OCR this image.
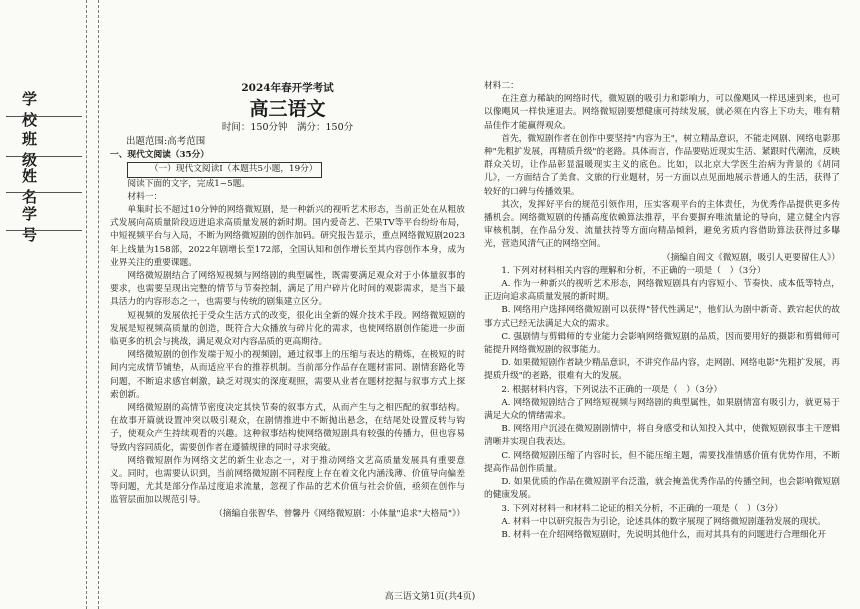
学 校
班 级
姓 名
学 号
2024年春开学考试
高三语文
时间：150分钟　满分：150分
出题范围:高考范围
一、现代文阅读（35分）
（一）现代文阅读Ⅰ（本题共5小题，19分）
阅读下面的文字，完成1~5题。
材料一：
单集时长不超过10分钟的网络微短剧，是一种新兴的视听艺术形态，当前正处在从粗放式发展向高质量阶段迈进追求高质量发展的新时期。国内爱奇艺、芒果TV等平台纷纷布局，中短视频平台与入局，不断为网络微短剧的创作加码。研究报告显示，重点网络微短剧2023年上线量为158部，2022年剧增长至172部，全国认知和创作增长至其内容创作本身，成为业界关注的重要课题。
网络微短剧结合了网络短视频与网络剧的典型属性，既需要满足观众对于小体量叙事的要求，也需要呈现出完整的情节与节奏控制，满足了用户碎片化时间的观影需求，是当下最具活力的内容形态之一，也需要与传统的剧集建立区分。
短视频的发展依托于受众生活方式的改变，很化出全新的媒介技术手段。网络微短剧的发展是短视频高质量的创造，既符合大众播放与碎片化的需求，也使网络剧创作能进一步面临更多的机会与挑战，满足观众对内容品质的更高期待。
网络微短剧的创作发端于短小的视频剧，通过叙事上的压缩与表达的精炼，在极短的时间内完成情节铺垫，从而适应平台的推荐机制。当前部分作品存在题材雷同、剧情套路化等问题，不断追求感官刺激，缺乏对现实的深度观照，需要从业者在题材挖掘与叙事方式上探索创新。
网络微短剧的高情节密度决定其快节奏的叙事方式，从而产生与之相匹配的叙事结构。在故事开篇就设置冲突以吸引观众，在剧情推进中不断抛出悬念，在结尾处设置反转与钩子，使观众产生持续观看的兴趣。这种叙事结构使网络微短剧具有较强的传播力，但也容易导致内容同质化，需要创作者在遵循规律的同时寻求突破。
网络微短剧作为网络文艺的新生业态之一，对于推动网络文艺高质量发展具有重要意义。同时，也需要认识到，当前网络微短剧不同程度上存在着文化内涵浅薄、价值导向偏差等问题，尤其是部分作品过度追求流量，忽视了作品的艺术价值与社会价值，亟须在创作与监管层面加以规范引导。
（摘编自张智华、曾馨丹《网络微短剧：小体量"追求"大格局"》）
材料二：
在注意力稀缺的网络时代，微短剧的吸引力和影响力，可以像飓风一样迅速到来，也可以像飓风一样快速退去。网络微短剧要想健康可持续发展，就必须在内容上下功夫，唯有精品佳作才能赢得观众。
首先，微短剧作者在创作中要坚持"内容为王"，树立精品意识，不能走网剧、网络电影那种"先粗扩发展，再精质升级"的老路。具体而言，作品要贴近现实生活、紧跟时代潮流，反映群众关切，让作品彰显温暖现实主义的底色。比如，以北京大学医生治病为背景的《胡同儿》，一方面结合了美食、文旅的行业题材，另一方面以点见面地展示普通人的生活，获得了较好的口碑与传播效果。
其次，发挥好平台的规范引领作用，压实客观平台的主体责任，为优秀作品提供更多传播机会。网络微短剧的传播高度依赖算法推荐，平台要摒弃唯流量论的导向，建立健全内容审核机制，在作品分发、流量扶持等方面向精品倾斜，避免劣质内容借助算法获得过多曝光，营造风清气正的网络空间。
（摘编自阎文《微短剧，吸引人更要留住人》）
1. 下列对材料相关内容的理解和分析，不正确的一项是（　）（3分）
A. 作为一种新兴的视听艺术形态，网络微短剧具有内容短小、节奏快、成本低等特点，正迈向追求高质量发展的新时期。
B. 网络用户选择网络微短剧可以获得"替代性满足"，他们认为剧中新奇、跌宕起伏的故事方式已经无法满足大众的需求。
C. 强剧情与剪辑师的专业能力会影响网络微短剧的品质，因而要用好的摄影和剪辑师可能提升网络微短剧的叙事能力。
D. 如果微短剧作者缺少精品意识，不讲究作品内容，走网剧、网络电影"先粗扩发展，再提质升级"的老路，很难有大的发展。
2. 根据材料内容，下列说法不正确的一项是（　）（3分）
A. 网络微短剧结合了网络短视频与网络剧的典型属性，如果剧情富有吸引力，就更易于满足大众的情绪需求。
B. 网络用户沉浸在微短剧剧情中，将自身感受和认知投入其中，使微短剧叙事主干逻辑清晰并实现自我表达。
C. 网络微短剧压缩了内容时长，但不能压缩主题，需要找准情感价值有优势作用，不断提高作品创作质量。
D. 如果优质的作品在微短剧平台泛滥，就会掩盖优秀作品的传播空间，也会影响微短剧的健康发展。
3. 下列对材料一和材料二论证的相关分析，不正确的一项是（　）（3分）
A. 材料一中以研究报告为引论，论述具体的数字展现了网络微短剧蓬勃发展的现状。
B. 材料一在介绍网络微短剧时，先说明其他什么，而对其具有的问题进行合理细化开
高三语文第1页(共4页)
